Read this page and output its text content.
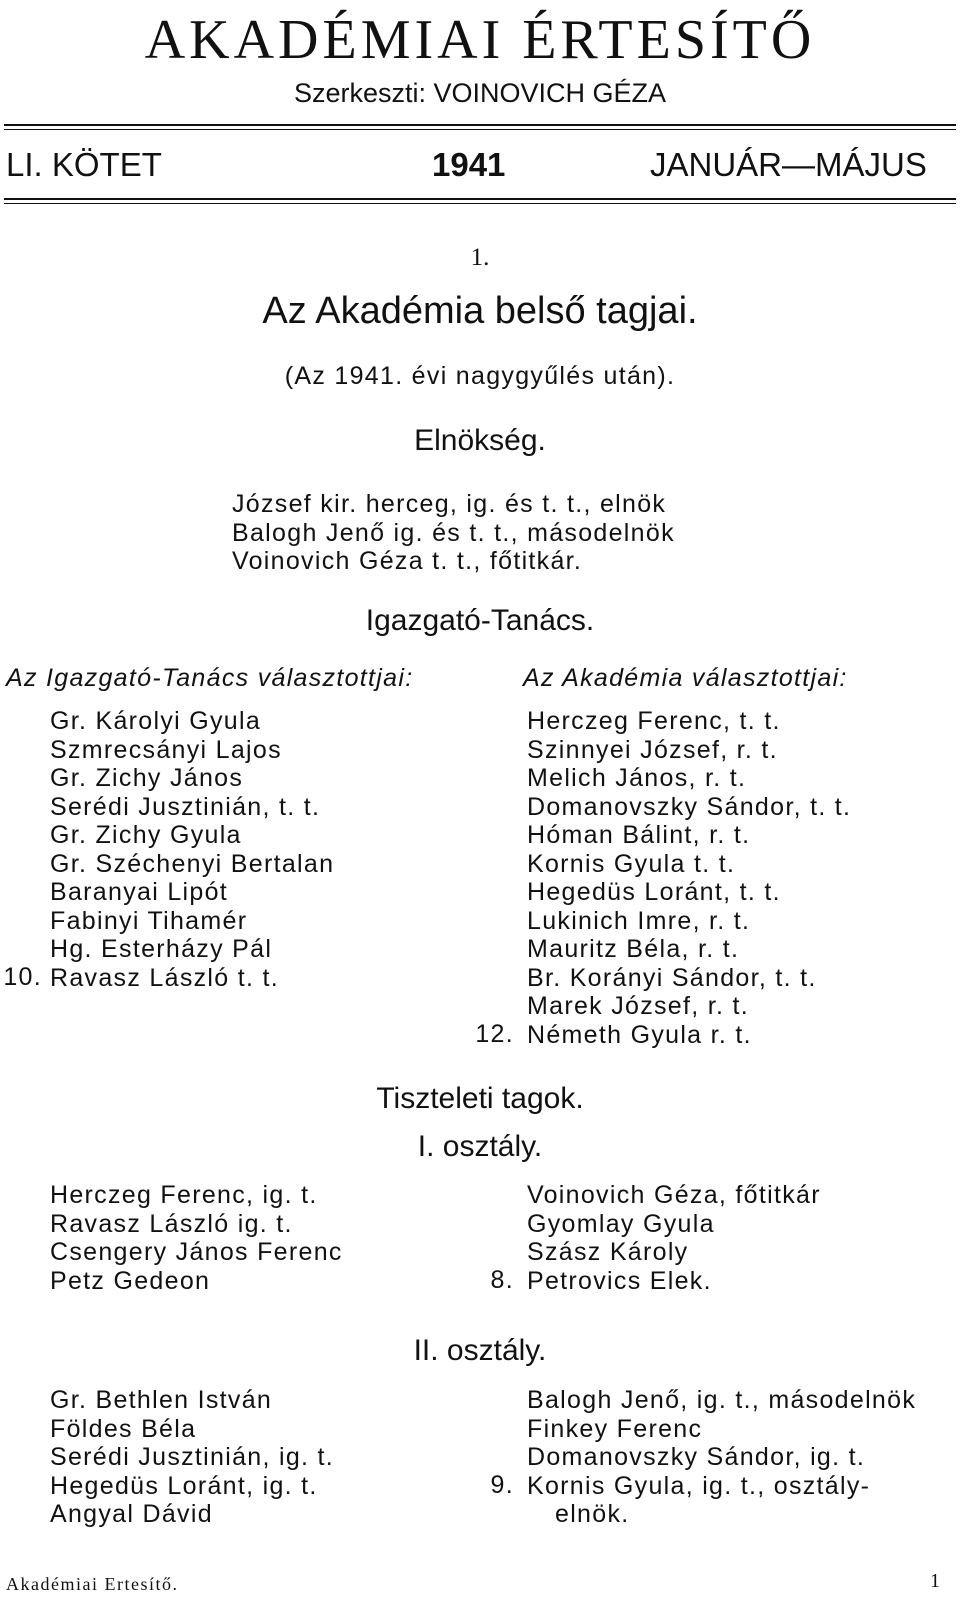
AKADÉMIAI ÉRTESÍTŐ
Szerkeszti: VOINOVICH GÉZA
LI. KÖTET	1941	JANUÁR—MÁJUS
1.
Az Akadémia belső tagjai.
(Az 1941. évi nagygyűlés után).
Elnökség.
József kir. herceg, ig. és t. t., elnök
Balogh Jenő ig. és t. t., másodelnök
Voinovich Géza t. t., főtitkár.
Igazgató-Tanács.
Az Igazgató-Tanács választottjai:	Az Akadémia választottjai:
Gr. Károlyi Gyula
Szmrecsányi Lajos
Gr. Zichy János
Serédi Jusztinián, t. t.
Gr. Zichy Gyula
Gr. Széchenyi Bertalan
Baranyai Lipót
Fabinyi Tihamér
Hg. Esterházy Pál
Ravasz László t. t.
10.
Herczeg Ferenc, t. t.
Szinnyei József, r. t.
Melich János, r. t.
Domanovszky Sándor, t. t.
Hóman Bálint, r. t.
Kornis Gyula t. t.
Hegedüs Loránt, t. t.
Lukinich Imre, r. t.
Mauritz Béla, r. t.
Br. Korányi Sándor, t. t.
Marek József, r. t.
Németh Gyula r. t.
12.
Tiszteleti tagok.
I. osztály.
Herczeg Ferenc, ig. t.
Ravasz László ig. t.
Csengery János Ferenc
Petz Gedeon
Voinovich Géza, főtitkár
Gyomlay Gyula
Szász Károly
Petrovics Elek.
8.
II. osztály.
Gr. Bethlen István
Földes Béla
Serédi Jusztinián, ig. t.
Hegedüs Loránt, ig. t.
Angyal Dávid
Balogh Jenő, ig. t., másodelnök
Finkey Ferenc
Domanovszky Sándor, ig. t.
Kornis Gyula, ig. t., osztály-
elnök.
9.
Akadémiai Ertesítő.	1
